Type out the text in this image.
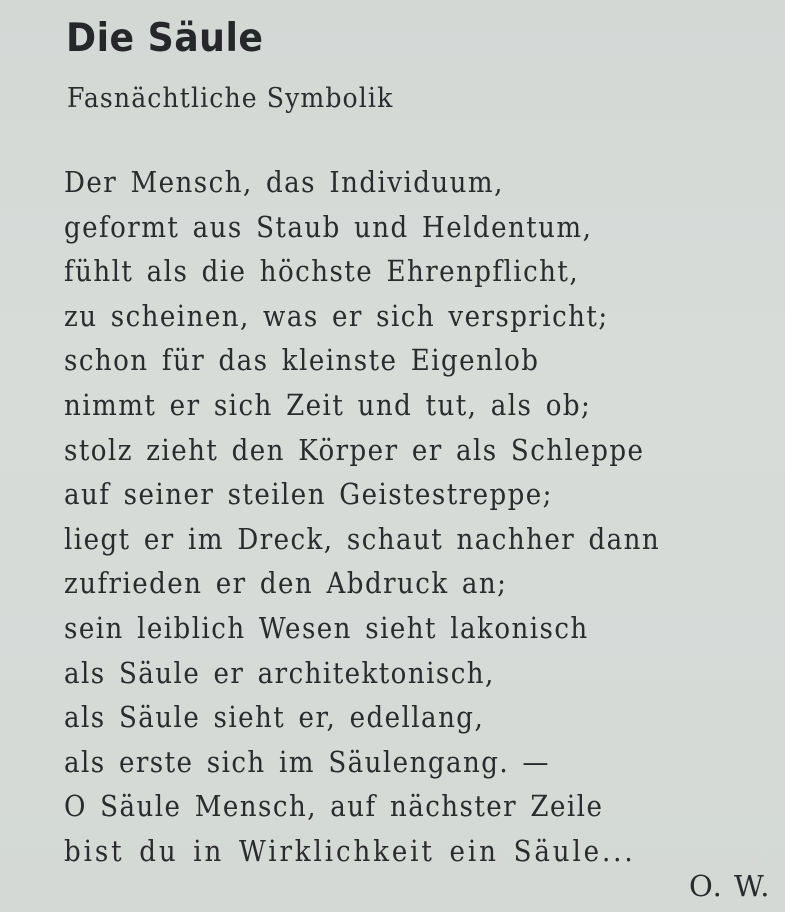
Die Säule
Fasnächtliche Symbolik
Der Mensch, das Individuum,
geformt aus Staub und Heldentum,
fühlt als die höchste Ehrenpflicht,
zu scheinen, was er sich verspricht;
schon für das kleinste Eigenlob
nimmt er sich Zeit und tut, als ob;
stolz zieht den Körper er als Schleppe
auf seiner steilen Geistestreppe;
liegt er im Dreck, schaut nachher dann
zufrieden er den Abdruck an;
sein leiblich Wesen sieht lakonisch
als Säule er architektonisch,
als Säule sieht er, edellang,
als erste sich im Säulengang. —
O Säule Mensch, auf nächster Zeile
bist du in Wirklichkeit ein Säule...
O. W.
